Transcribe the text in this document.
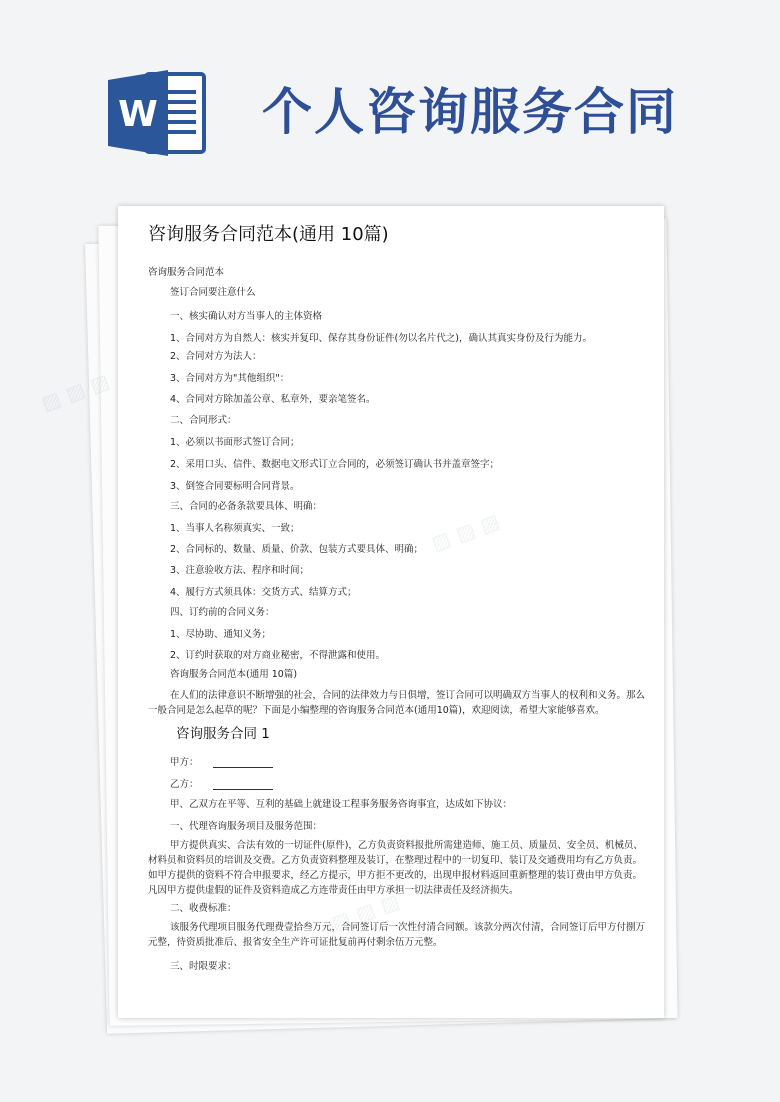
W 个人咨询服务合同
咨询服务合同范本(通用 10篇)
咨询服务合同范本
签订合同要注意什么
一、核实确认对方当事人的主体资格
1、合同对方为自然人：核实并复印、保存其身份证件(勿以名片代之)，确认其真实身份及行为能力。
2、合同对方为法人：
3、合同对方为"其他组织"：
4、合同对方除加盖公章、私章外，要亲笔签名。
二、合同形式：
1、必须以书面形式签订合同；
2、采用口头、信件、数据电文形式订立合同的，必须签订确认书并盖章签字；
3、倒签合同要标明合同背景。
三、合同的必备条款要具体、明确：
1、当事人名称须真实、一致；
2、合同标的、数量、质量、价款、包装方式要具体、明确；
3、注意验收方法、程序和时间；
4、履行方式须具体：交货方式、结算方式；
四、订约前的合同义务：
1、尽协助、通知义务；
2、订约时获取的对方商业秘密，不得泄露和使用。
咨询服务合同范本(通用 10篇)
在人们的法律意识不断增强的社会，合同的法律效力与日俱增，签订合同可以明确双方当事人的权利和义务。那么一般合同是怎么起草的呢？下面是小编整理的咨询服务合同范本(通用10篇)，欢迎阅读，希望大家能够喜欢。
咨询服务合同 1
甲方：
乙方：
甲、乙双方在平等、互利的基础上就建设工程事务服务咨询事宜，达成如下协议：
一、代理咨询服务项目及服务范围：
甲方提供真实、合法有效的一切证件(原件)，乙方负责资料报批所需建造师、施工员、质量员、安全员、机械员、材料员和资料员的培训及交费。乙方负责资料整理及装订，在整理过程中的一切复印、装订及交通费用均有乙方负责。如甲方提供的资料不符合申报要求，经乙方提示，甲方拒不更改的，出现申报材料返回重新整理的装订费由甲方负责。凡因甲方提供虚假的证件及资料造成乙方连带责任由甲方承担一切法律责任及经济损失。
二、收费标准：
该服务代理项目服务代理费壹拾叁万元，合同签订后一次性付清合同额。该款分两次付清，合同签订后甲方付捌万元整，待资质批准后、报省安全生产许可证批复前再付剩余伍万元整。
三、时限要求：
▨ ▨ ▨
